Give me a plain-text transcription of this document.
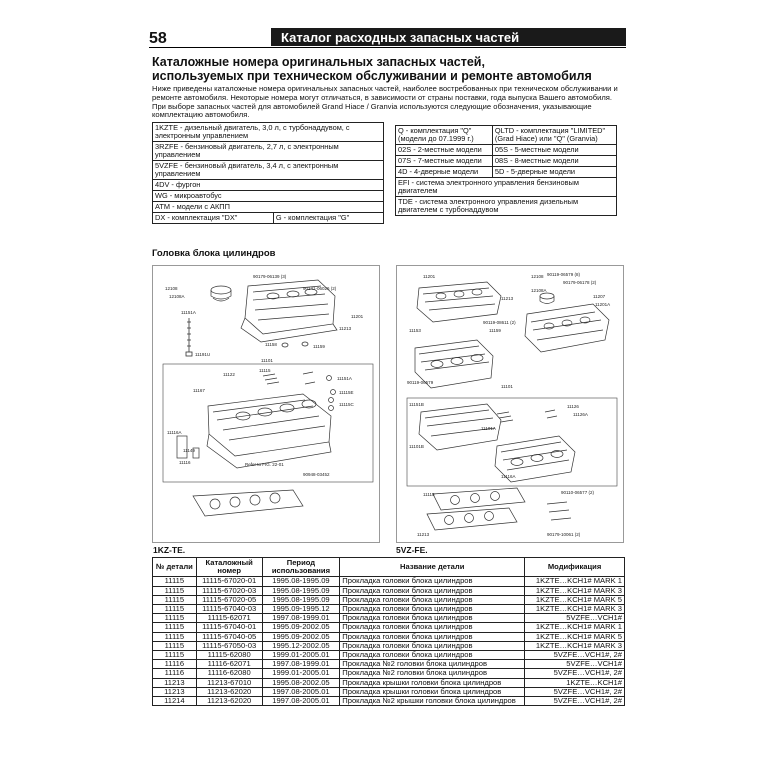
58	Каталог расходных запасных частей
Каталожные номера оригинальных запасных частей,
используемых при техническом обслуживании и ремонте автомобиля
Ниже приведены каталожные номера оригинальных запасных частей, наиболее востребованных при техническом обслуживании и ремонте автомобиля. Некоторые номера могут отличаться, в зависимости от страны поставки, года выпуска Вашего автомобиля.
При выборе запасных частей для автомобилей Grand Hiace / Granvia используются следующие обозначения, указывающие комплектацию автомобиля.
1KZTE - дизельный двигатель, 3,0 л, с турбонаддувом, с электронным управлением
3RZFE - бензиновый двигатель, 2,7 л, с электронным управлением
5VZFE - бензиновый двигатель, 3,4 л, с электронным управлением
4DV - фургон
WG - микроавтобус
ATM - модели с АКПП
DX - комплектация "DX"	G - комплектация "G"
Q - комплектация "Q" (модели до 07.1999 г.)	QLTD - комплектация "LIMITED" (Grad Hiace) или "Q" (Granvia)
02S - 2-местные модели	05S - 5-местные модели
07S - 7-местные модели	08S - 8-местные модели
4D - 4-дверные модели	5D - 5-дверные модели
EFI - система электронного управления бензиновым двигателем	
TDE - система электронного управления дизельным двигателем с турбонаддувом	
Головка блока цилиндров
90179-06139 (3)
12108
12108A
90141-06026 (2)
11201
11213
11151A
11191U
11158	11159
11101
11122
11115
11151A
11115E
11115C
11116A
11116
90948-03452
11167
11149
Refer to FIG. 22-01
11201	90119-06579 (8)
11213
12108
90179-06178 (2)
12108A
11207
11201A
11153
90119-08611 (2)
11159
11101
11151B
11101A
11115
11126
11126A
11116A
11101B
90119-06579
90110-06577 (2)
11213	90179-10061 (2)
1KZ-TE.	5VZ-FE.
№ детали	Каталожный номер	Период использования	Название детали	Модификация
11115	11115-67020-01	1995.08-1995.09	Прокладка головки блока цилиндров	1KZTE…KCH1# MARK 1
11115	11115-67020-03	1995.08-1995.09	Прокладка головки блока цилиндров	1KZTE…KCH1# MARK 3
11115	11115-67020-05	1995.08-1995.09	Прокладка головки блока цилиндров	1KZTE…KCH1# MARK 5
11115	11115-67040-03	1995.09-1995.12	Прокладка головки блока цилиндров	1KZTE…KCH1# MARK 3
11115	11115-62071	1997.08-1999.01	Прокладка головки блока цилиндров	5VZFE…VCH1#
11115	11115-67040-01	1995.09-2002.05	Прокладка головки блока цилиндров	1KZTE…KCH1# MARK 1
11115	11115-67040-05	1995.09-2002.05	Прокладка головки блока цилиндров	1KZTE…KCH1# MARK 5
11115	11115-67050-03	1995.12-2002.05	Прокладка головки блока цилиндров	1KZTE…KCH1# MARK 3
11115	11115-62080	1999.01-2005.01	Прокладка головки блока цилиндров	5VZFE…VCH1#, 2#
11116	11116-62071	1997.08-1999.01	Прокладка №2 головки блока цилиндров	5VZFE…VCH1#
11116	11116-62080	1999.01-2005.01	Прокладка №2 головки блока цилиндров	5VZFE…VCH1#, 2#
11213	11213-67010	1995.08-2002.05	Прокладка крышки головки блока цилиндров	1KZTE…KCH1#
11213	11213-62020	1997.08-2005.01	Прокладка крышки головки блока цилиндров	5VZFE…VCH1#, 2#
11214	11213-62020	1997.08-2005.01	Прокладка №2 крышки головки блока цилиндров	5VZFE…VCH1#, 2#
